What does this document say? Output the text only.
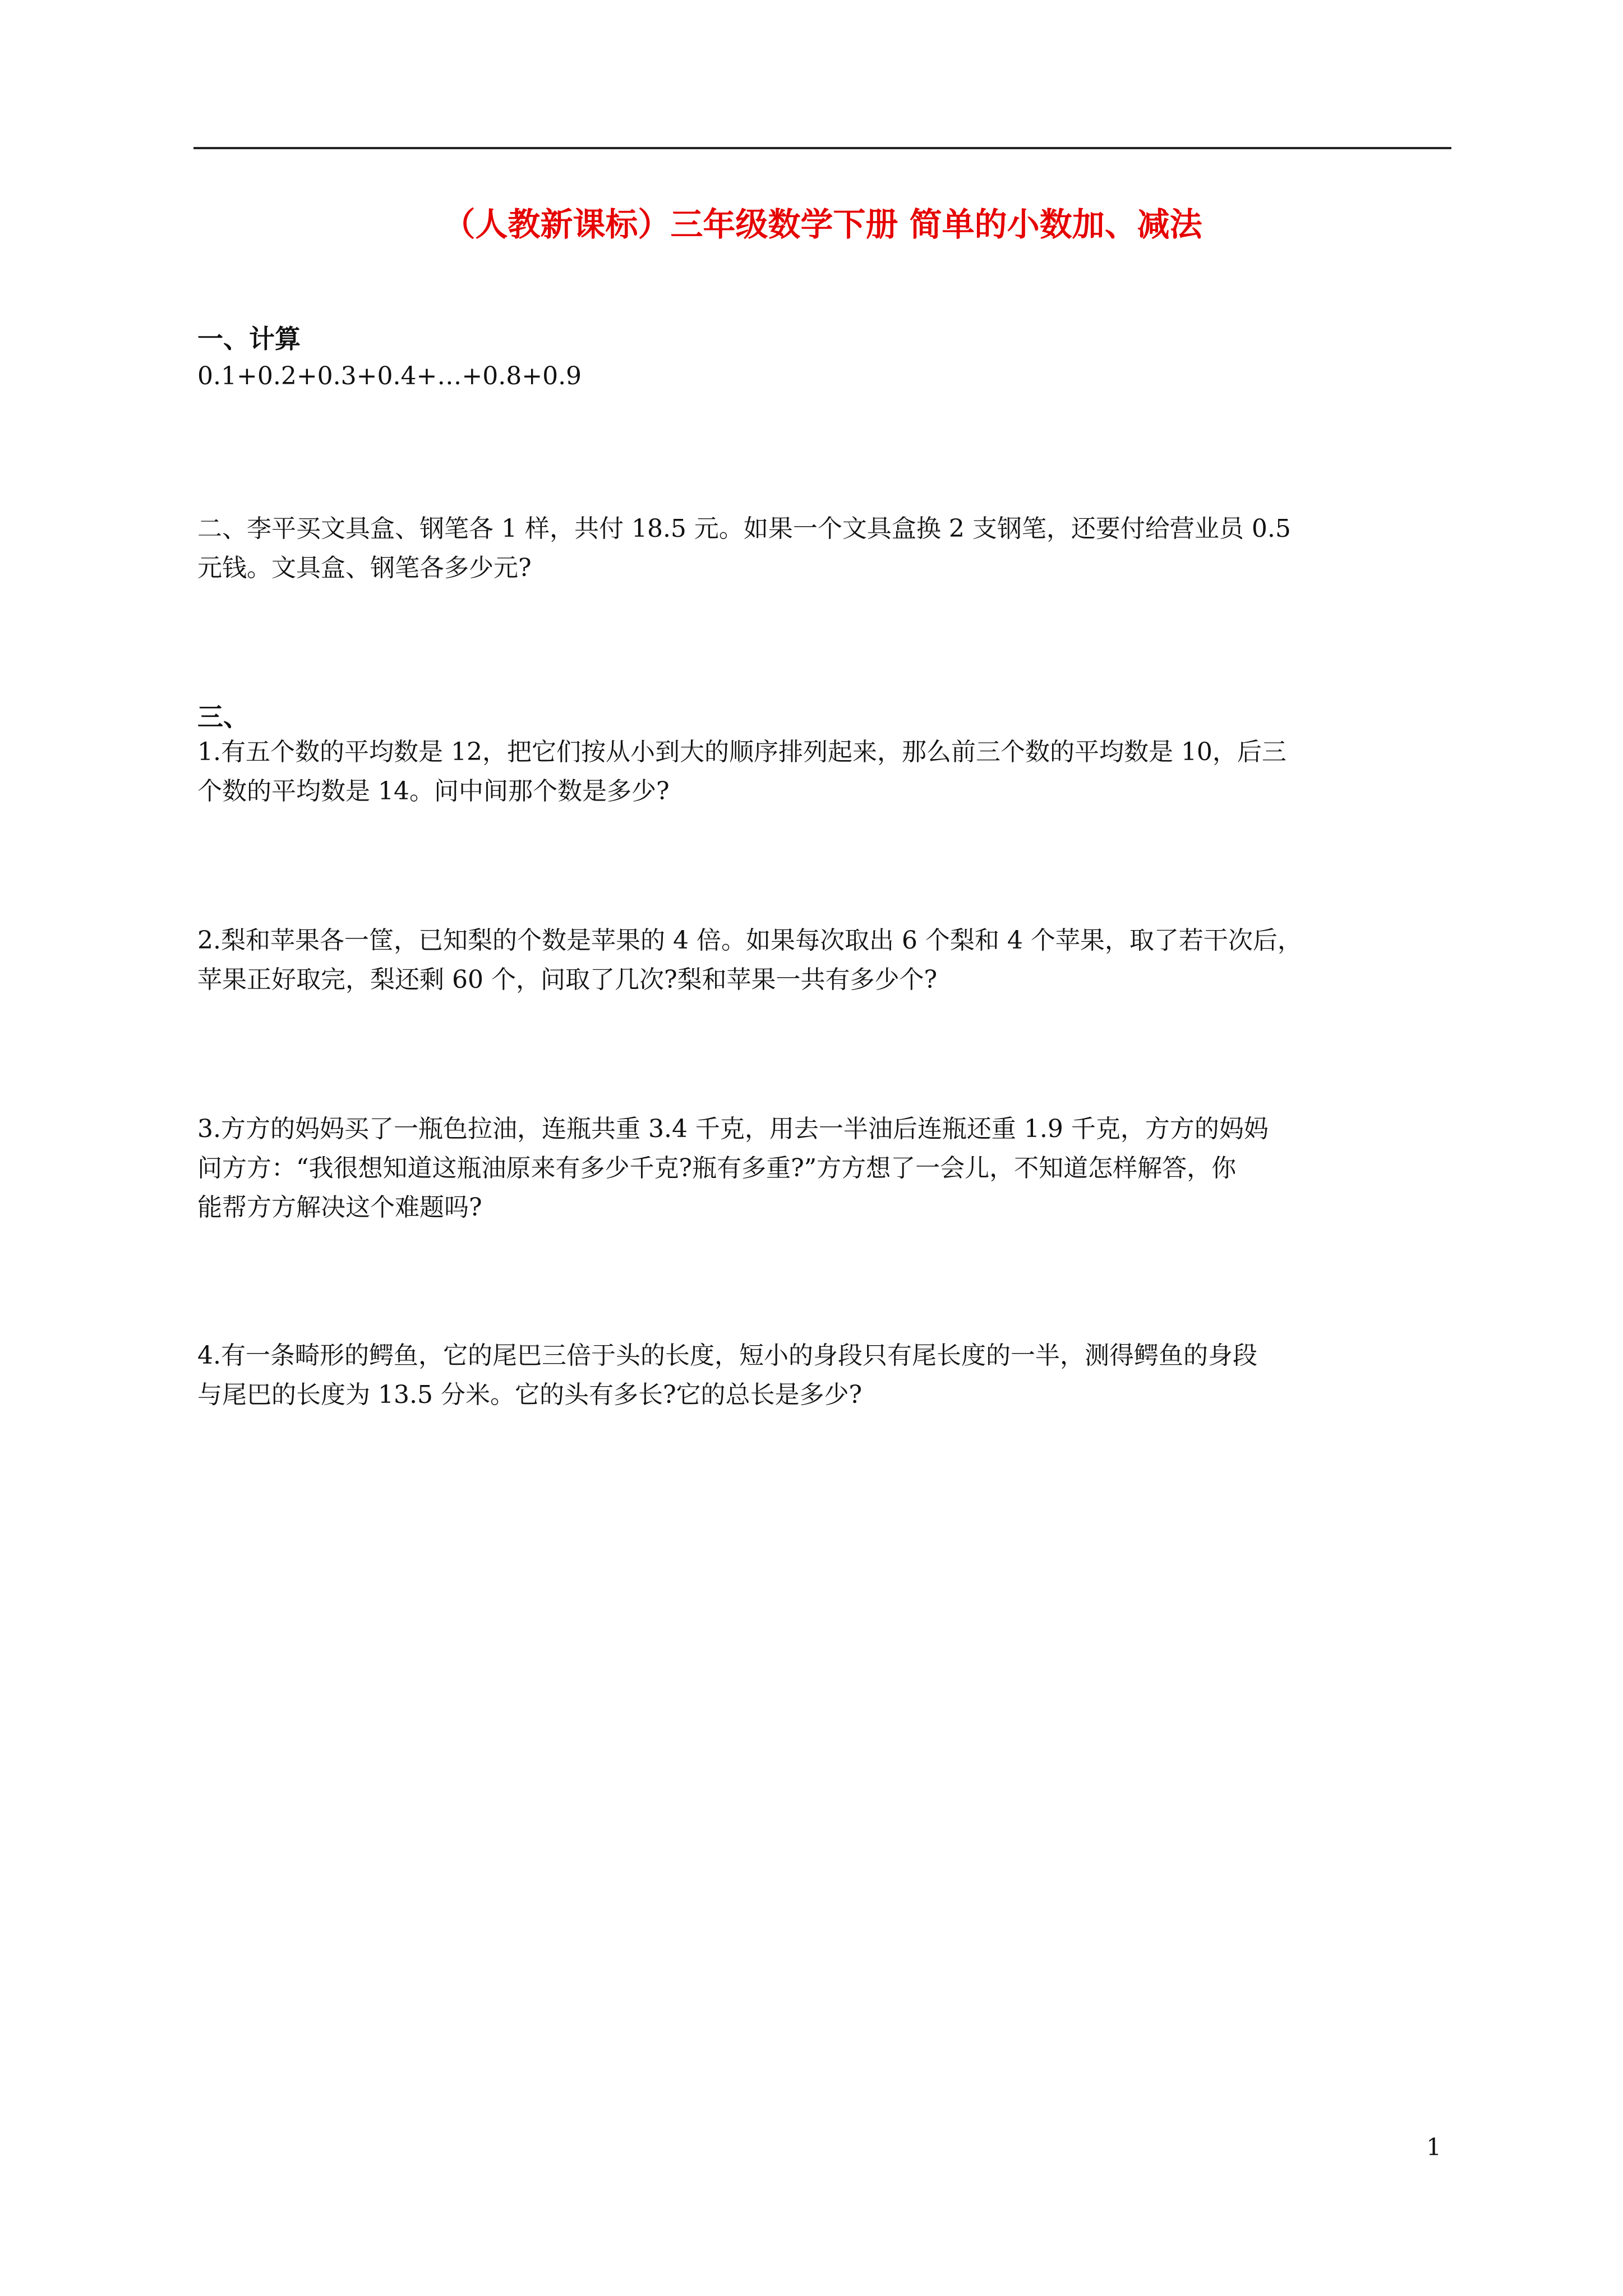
（人教新课标）三年级数学下册 简单的小数加、减法
一、计算
0.1+0.2+0.3+0.4+…+0.8+0.9
二、李平买文具盒、钢笔各 1 样，共付 18.5 元。如果一个文具盒换 2 支钢笔，还要付给营业员 0.5
元钱。文具盒、钢笔各多少元?
三、
1.有五个数的平均数是 12，把它们按从小到大的顺序排列起来，那么前三个数的平均数是 10，后三
个数的平均数是 14。问中间那个数是多少?
2.梨和苹果各一筐，已知梨的个数是苹果的 4 倍。如果每次取出 6 个梨和 4 个苹果，取了若干次后，
苹果正好取完，梨还剩 60 个，问取了几次?梨和苹果一共有多少个?
3.方方的妈妈买了一瓶色拉油，连瓶共重 3.4 千克，用去一半油后连瓶还重 1.9 千克，方方的妈妈
问方方：“我很想知道这瓶油原来有多少千克?瓶有多重?”方方想了一会儿，不知道怎样解答，你
能帮方方解决这个难题吗?
4.有一条畸形的鳄鱼，它的尾巴三倍于头的长度，短小的身段只有尾长度的一半，测得鳄鱼的身段
与尾巴的长度为 13.5 分米。它的头有多长?它的总长是多少?
1
